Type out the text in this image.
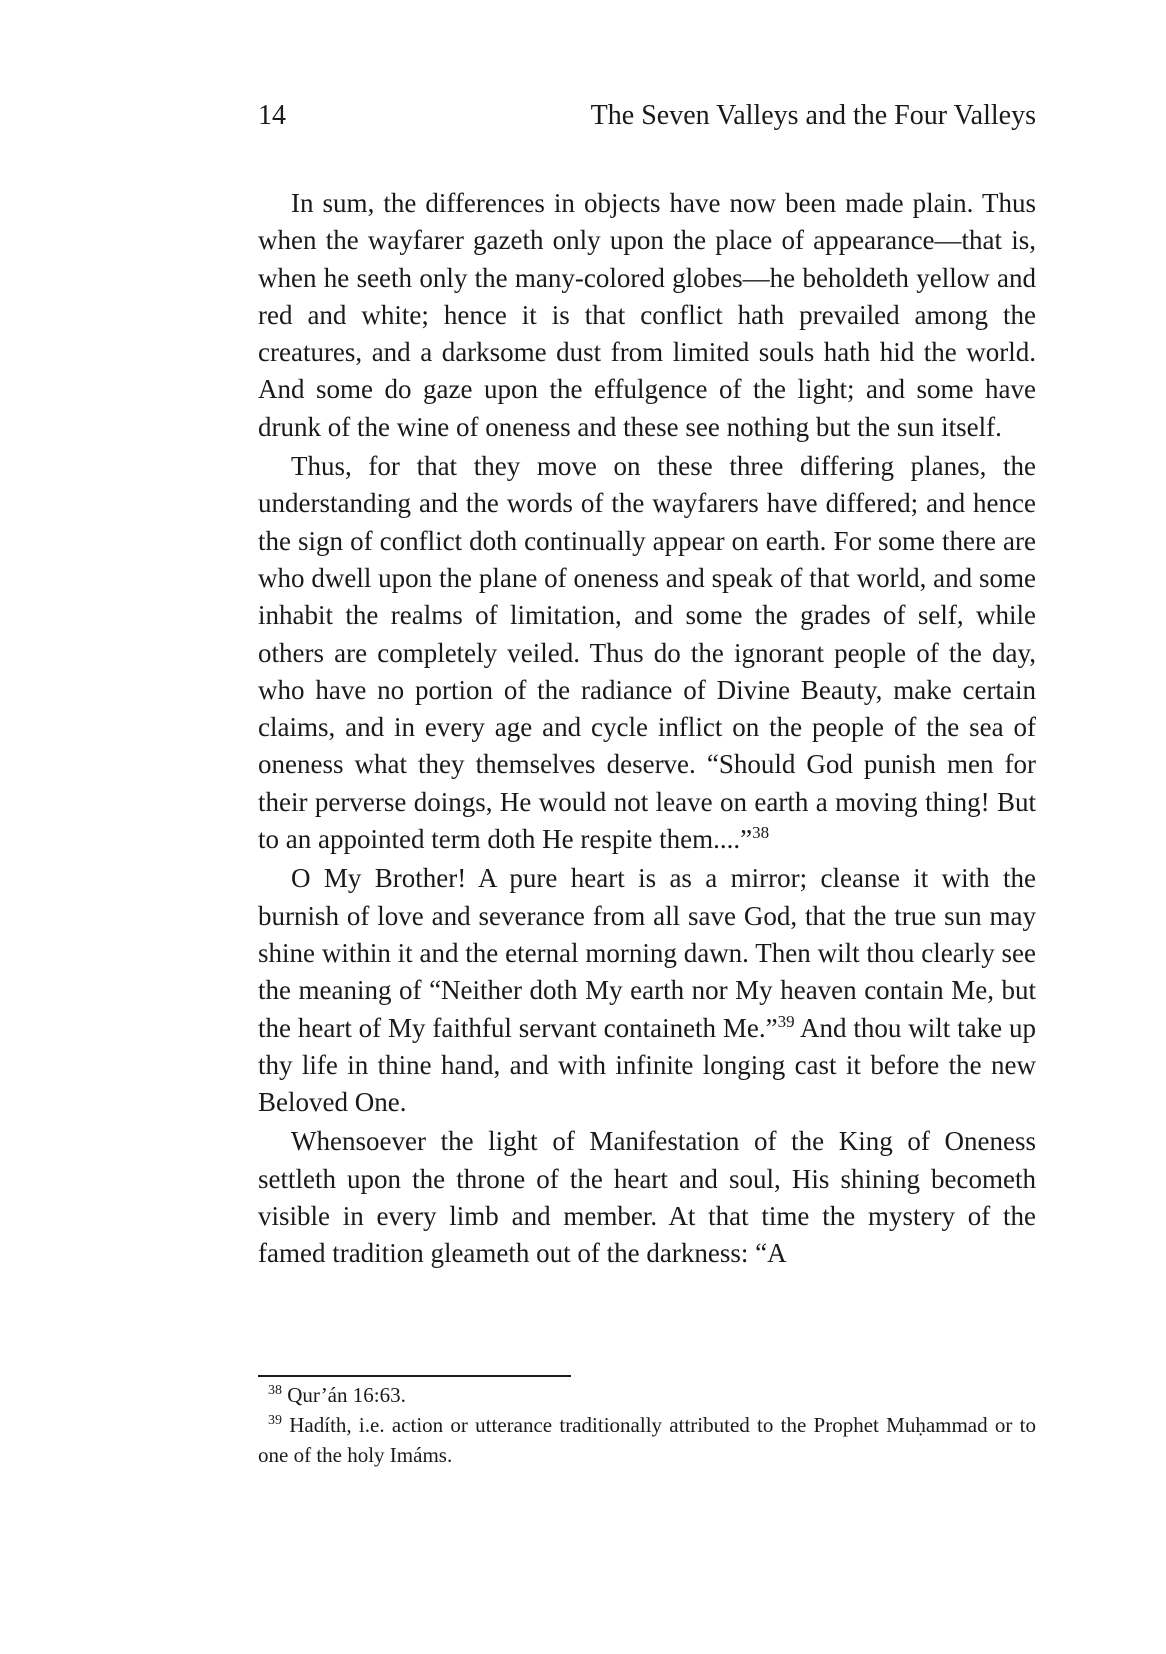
14	The Seven Valleys and the Four Valleys

In sum, the differences in objects have now been made plain. Thus when the wayfarer gazeth only upon the place of appearance—that is, when he seeth only the many-colored globes—he beholdeth yellow and red and white; hence it is that conflict hath prevailed among the creatures, and a darksome dust from limited souls hath hid the world. And some do gaze upon the effulgence of the light; and some have drunk of the wine of oneness and these see nothing but the sun itself.

Thus, for that they move on these three differing planes, the understanding and the words of the wayfarers have differed; and hence the sign of conflict doth continually appear on earth. For some there are who dwell upon the plane of oneness and speak of that world, and some inhabit the realms of limitation, and some the grades of self, while others are completely veiled. Thus do the ignorant people of the day, who have no portion of the radiance of Divine Beauty, make certain claims, and in every age and cycle inflict on the people of the sea of oneness what they themselves deserve. “Should God punish men for their perverse doings, He would not leave on earth a moving thing! But to an appointed term doth He respite them....”$^{38}$

O My Brother! A pure heart is as a mirror; cleanse it with the burnish of love and severance from all save God, that the true sun may shine within it and the eternal morning dawn. Then wilt thou clearly see the meaning of “Neither doth My earth nor My heaven contain Me, but the heart of My faithful servant containeth Me.”$^{39}$ And thou wilt take up thy life in thine hand, and with infinite longing cast it before the new Beloved One.

Whensoever the light of Manifestation of the King of Oneness settleth upon the throne of the heart and soul, His shining becometh visible in every limb and member. At that time the mystery of the famed tradition gleameth out of the darkness: “A

$^{38}$ Qur’án 16:63.

$^{39}$ Hadíth, i.e. action or utterance traditionally attributed to the Prophet Muḥammad or to one of the holy Imáms.
